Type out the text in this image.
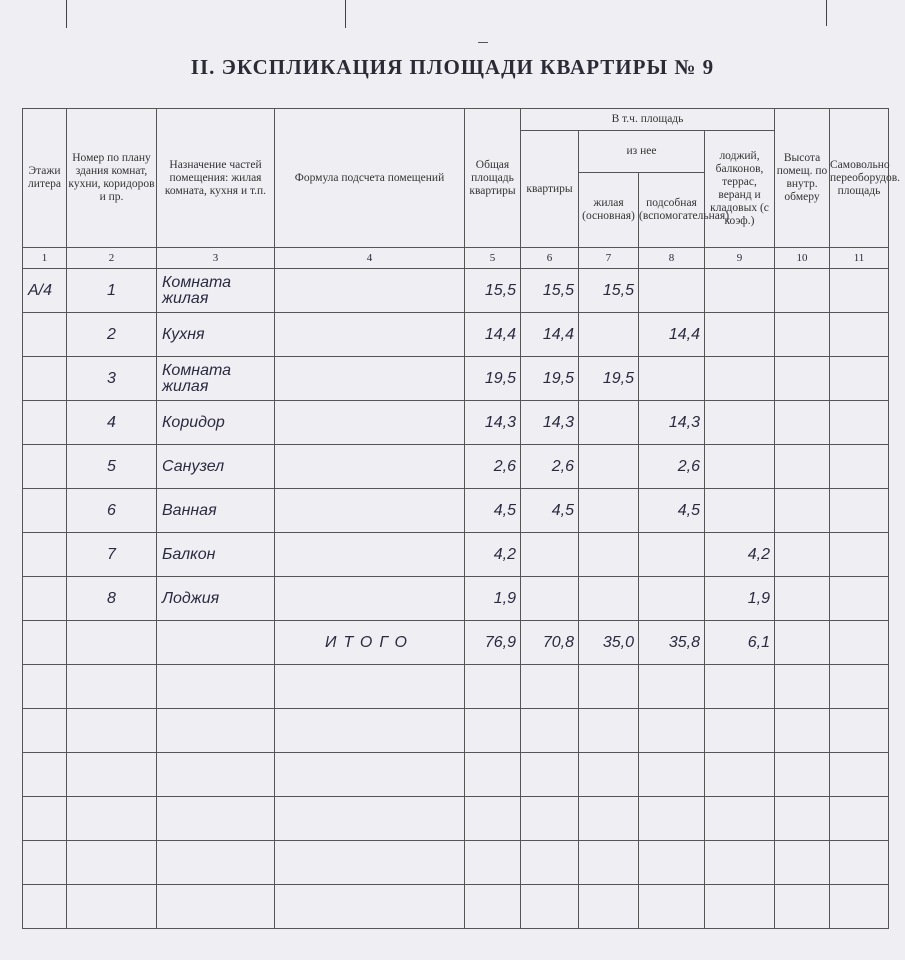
II. ЭКСПЛИКАЦИЯ ПЛОЩАДИ КВАРТИРЫ № 9
Этажи литера	Номер по плану здания комнат, кухни, коридоров и пр.	Назначение частей помещения: жилая комната, кухня и т.п.	Формула подсчета помещений	Общая площадь квартиры	В т.ч. площадь				Высота помещ. по внутр. обмеру	Самовольно переоборудов. площадь
					квартиры	из нее		лоджий, балконов, террас, веранд и кладовых (с коэф.)		
						жилая (основная)	подсобная (вспомогательная)			
1	2	3	4	5	6	7	8	9	10	11
А/4	1	Комната жилая		15,5	15,5	15,5				
	2	Кухня		14,4	14,4		14,4			
	3	Комната жилая		19,5	19,5	19,5				
	4	Коридор		14,3	14,3		14,3			
	5	Санузел		2,6	2,6		2,6			
	6	Ванная		4,5	4,5		4,5			
	7	Балкон		4,2				4,2		
	8	Лоджия		1,9				1,9		
			ИТОГО	76,9	70,8	35,0	35,8	6,1		
